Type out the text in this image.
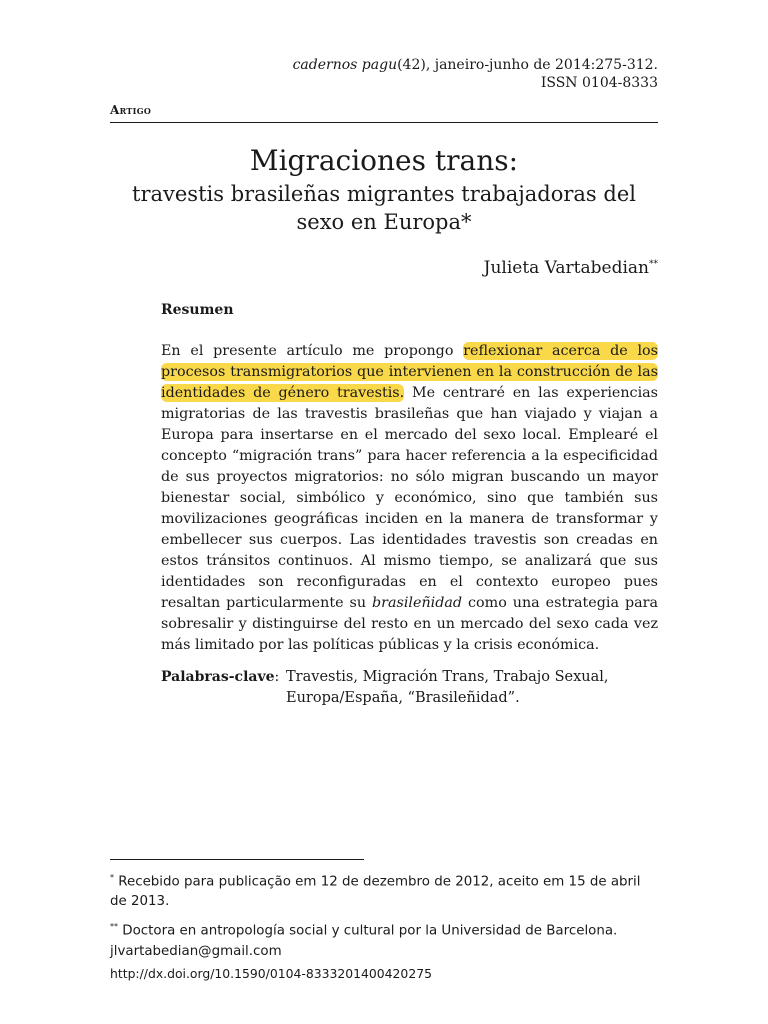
cadernos pagu(42), janeiro-junho de 2014:275-312.
ISSN 0104-8333
Artigo
Migraciones trans:
travestis brasileñas migrantes trabajadoras del sexo en Europa*
Julieta Vartabedian**
Resumen
En el presente artículo me propongo reflexionar acerca de los procesos transmigratorios que intervienen en la construcción de las identidades de género travestis. Me centraré en las experiencias migratorias de las travestis brasileñas que han viajado y viajan a Europa para insertarse en el mercado del sexo local. Emplearé el concepto “migración trans” para hacer referencia a la especificidad de sus proyectos migratorios: no sólo migran buscando un mayor bienestar social, simbólico y económico, sino que también sus movilizaciones geográficas inciden en la manera de transformar y embellecer sus cuerpos. Las identidades travestis son creadas en estos tránsitos continuos. Al mismo tiempo, se analizará que sus identidades son reconfiguradas en el contexto europeo pues resaltan particularmente su brasileñidad como una estrategia para sobresalir y distinguirse del resto en un mercado del sexo cada vez más limitado por las políticas públicas y la crisis económica.
Palabras-clave: Travestis, Migración Trans, Trabajo Sexual, Europa/España, “Brasileñidad”.

* Recebido para publicação em 12 de dezembro de 2012, aceito em 15 de abril de 2013.

** Doctora en antropología social y cultural por la Universidad de Barcelona. jlvartabedian@gmail.com

http://dx.doi.org/10.1590/0104-8333201400420275
